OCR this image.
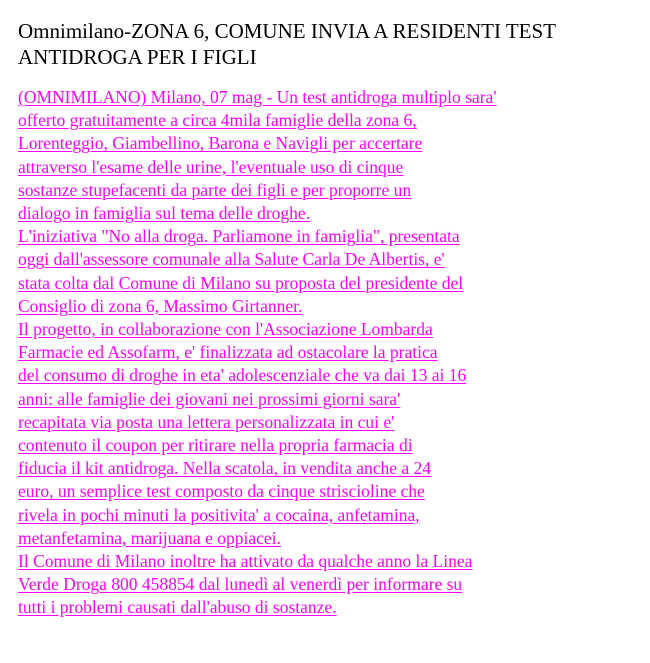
Omnimilano-ZONA 6, COMUNE INVIA A RESIDENTI TEST
ANTIDROGA PER I FIGLI
(OMNIMILANO) Milano, 07 mag - Un test antidroga multiplo sara'
offerto gratuitamente a circa 4mila famiglie della zona 6,
Lorenteggio, Giambellino, Barona e Navigli per accertare
attraverso l'esame delle urine, l'eventuale uso di cinque
sostanze stupefacenti da parte dei figli e per proporre un
dialogo in famiglia sul tema delle droghe.
L'iniziativa "No alla droga. Parliamone in famiglia", presentata
oggi dall'assessore comunale alla Salute Carla De Albertis, e'
stata colta dal Comune di Milano su proposta del presidente del
Consiglio di zona 6, Massimo Girtanner.
Il progetto, in collaborazione con l'Associazione Lombarda
Farmacie ed Assofarm, e' finalizzata ad ostacolare la pratica
del consumo di droghe in eta' adolescenziale che va dai 13 ai 16
anni: alle famiglie dei giovani nei prossimi giorni sara'
recapitata via posta una lettera personalizzata in cui e'
contenuto il coupon per ritirare nella propria farmacia di
fiducia il kit antidroga. Nella scatola, in vendita anche a 24
euro, un semplice test composto da cinque striscioline che
rivela in pochi minuti la positivita' a cocaina, anfetamina,
metanfetamina, marijuana e oppiacei.
Il Comune di Milano inoltre ha attivato da qualche anno la Linea
Verde Droga 800 458854 dal lunedì al venerdì per informare su
tutti i problemi causati dall'abuso di sostanze.
